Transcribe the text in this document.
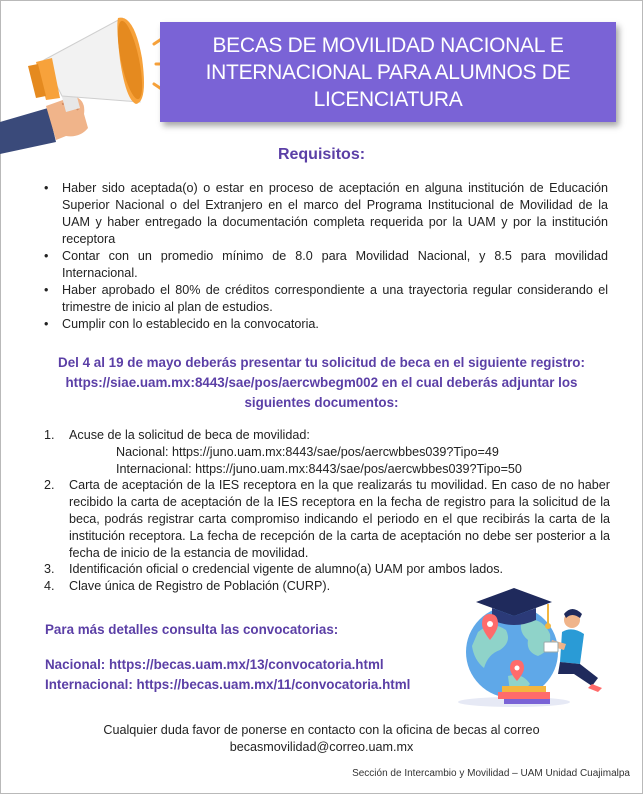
BECAS DE MOVILIDAD NACIONAL E INTERNACIONAL PARA ALUMNOS DE LICENCIATURA
Requisitos:
• Haber sido aceptada(o) o estar en proceso de aceptación en alguna institución de Educación Superior Nacional o del Extranjero en el marco del Programa Institucional de Movilidad de la UAM y haber entregado la documentación completa requerida por la UAM y por la institución receptora
• Contar con un promedio mínimo de 8.0 para Movilidad Nacional, y 8.5 para movilidad Internacional.
• Haber aprobado el 80% de créditos correspondiente a una trayectoria regular considerando el trimestre de inicio al plan de estudios.
• Cumplir con lo establecido en la convocatoria.
Del 4 al 19 de mayo deberás presentar tu solicitud de beca en el siguiente registro: https://siae.uam.mx:8443/sae/pos/aercwbegm002 en el cual deberás adjuntar los siguientes documentos:
1. Acuse de la solicitud de beca de movilidad:
Nacional: https://juno.uam.mx:8443/sae/pos/aercwbbes039?Tipo=49
Internacional: https://juno.uam.mx:8443/sae/pos/aercwbbes039?Tipo=50
2. Carta de aceptación de la IES receptora en la que realizarás tu movilidad. En caso de no haber recibido la carta de aceptación de la IES receptora en la fecha de registro para la solicitud de la beca, podrás registrar carta compromiso indicando el periodo en el que recibirás la carta de la institución receptora. La fecha de recepción de la carta de aceptación no debe ser posterior a la fecha de inicio de la estancia de movilidad.
3. Identificación oficial o credencial vigente de alumno(a) UAM por ambos lados.
4. Clave única de Registro de Población (CURP).
Para más detalles consulta las convocatorias:
Nacional: https://becas.uam.mx/13/convocatoria.html
Internacional: https://becas.uam.mx/11/convocatoria.html
Cualquier duda favor de ponerse en contacto con la oficina de becas al correo
becasmovilidad@correo.uam.mx
Sección de Intercambio y Movilidad – UAM Unidad Cuajimalpa
